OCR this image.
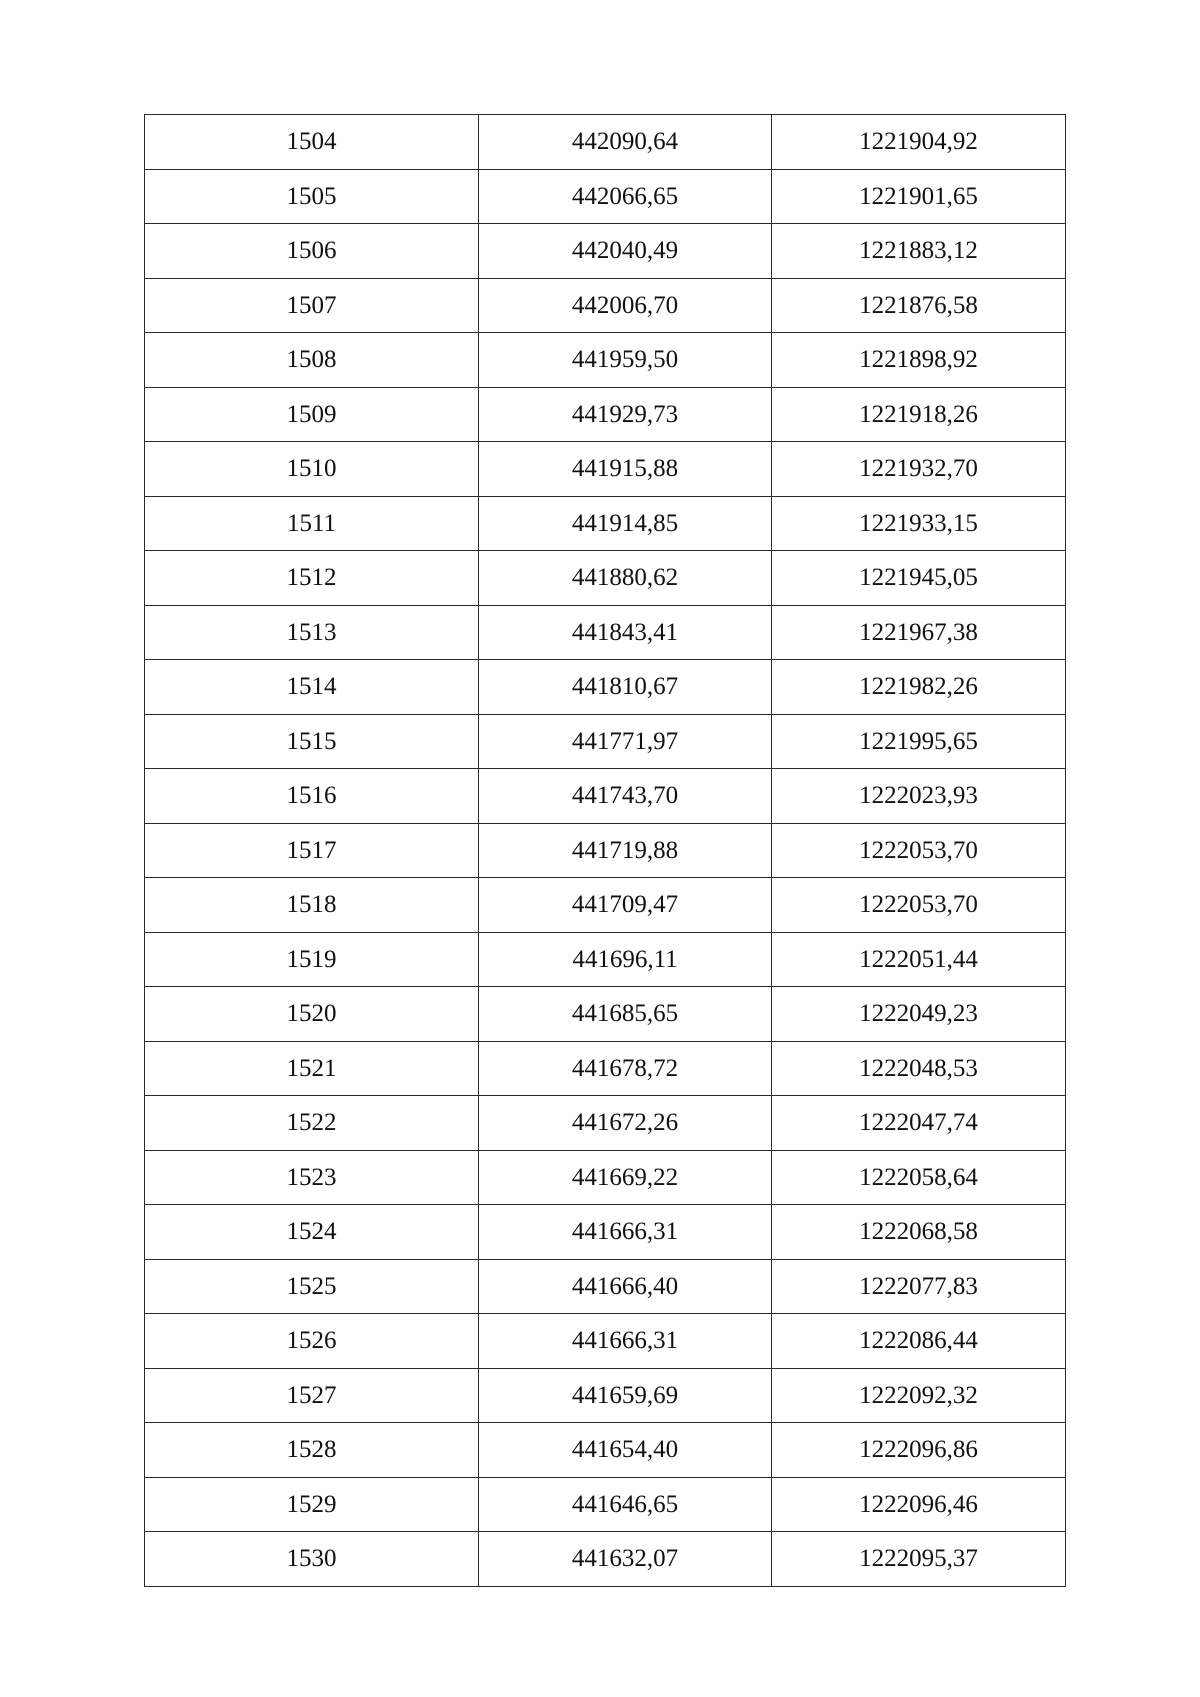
1504	442090,64	1221904,92
1505	442066,65	1221901,65
1506	442040,49	1221883,12
1507	442006,70	1221876,58
1508	441959,50	1221898,92
1509	441929,73	1221918,26
1510	441915,88	1221932,70
1511	441914,85	1221933,15
1512	441880,62	1221945,05
1513	441843,41	1221967,38
1514	441810,67	1221982,26
1515	441771,97	1221995,65
1516	441743,70	1222023,93
1517	441719,88	1222053,70
1518	441709,47	1222053,70
1519	441696,11	1222051,44
1520	441685,65	1222049,23
1521	441678,72	1222048,53
1522	441672,26	1222047,74
1523	441669,22	1222058,64
1524	441666,31	1222068,58
1525	441666,40	1222077,83
1526	441666,31	1222086,44
1527	441659,69	1222092,32
1528	441654,40	1222096,86
1529	441646,65	1222096,46
1530	441632,07	1222095,37
